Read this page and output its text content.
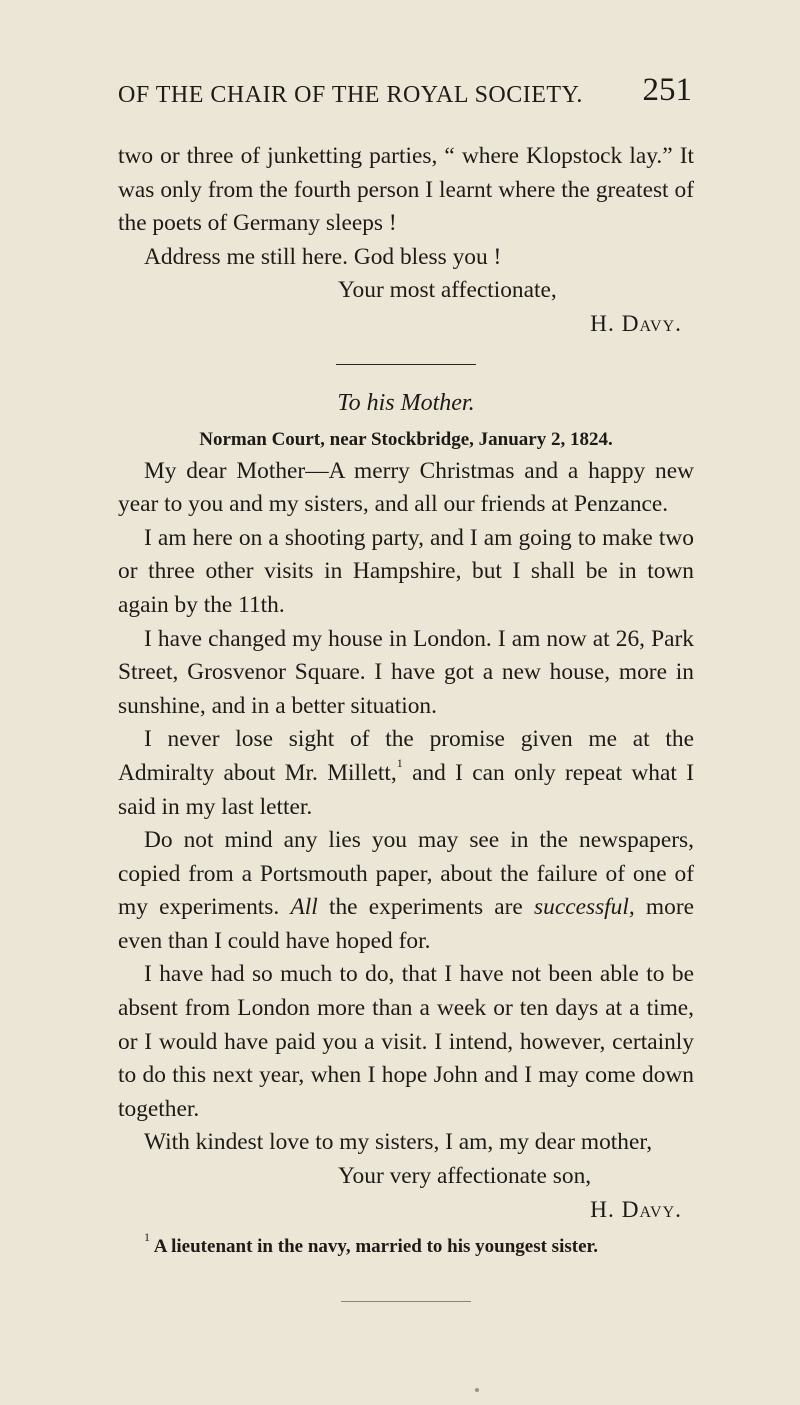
OF THE CHAIR OF THE ROYAL SOCIETY. 251

two or three of junketting parties, “ where Klopstock lay.” It was only from the fourth person I learnt where the greatest of the poets of Germany sleeps !

Address me still here. God bless you !

Your most affectionate,
H. Davy.
To his Mother.
Norman Court, near Stockbridge, January 2, 1824.

My dear Mother—A merry Christmas and a happy new year to you and my sisters, and all our friends at Penzance.

I am here on a shooting party, and I am going to make two or three other visits in Hampshire, but I shall be in town again by the 11th.

I have changed my house in London. I am now at 26, Park Street, Grosvenor Square. I have got a new house, more in sunshine, and in a better situation.

I never lose sight of the promise given me at the Admiralty about Mr. Millett,$^1$ and I can only repeat what I said in my last letter.

Do not mind any lies you may see in the newspapers, copied from a Portsmouth paper, about the failure of one of my experiments. All the experiments are successful, more even than I could have hoped for.

I have had so much to do, that I have not been able to be absent from London more than a week or ten days at a time, or I would have paid you a visit. I intend, however, certainly to do this next year, when I hope John and I may come down together.

With kindest love to my sisters, I am, my dear mother,

Your very affectionate son,
H. Davy.
$^1$ A lieutenant in the navy, married to his youngest sister.
